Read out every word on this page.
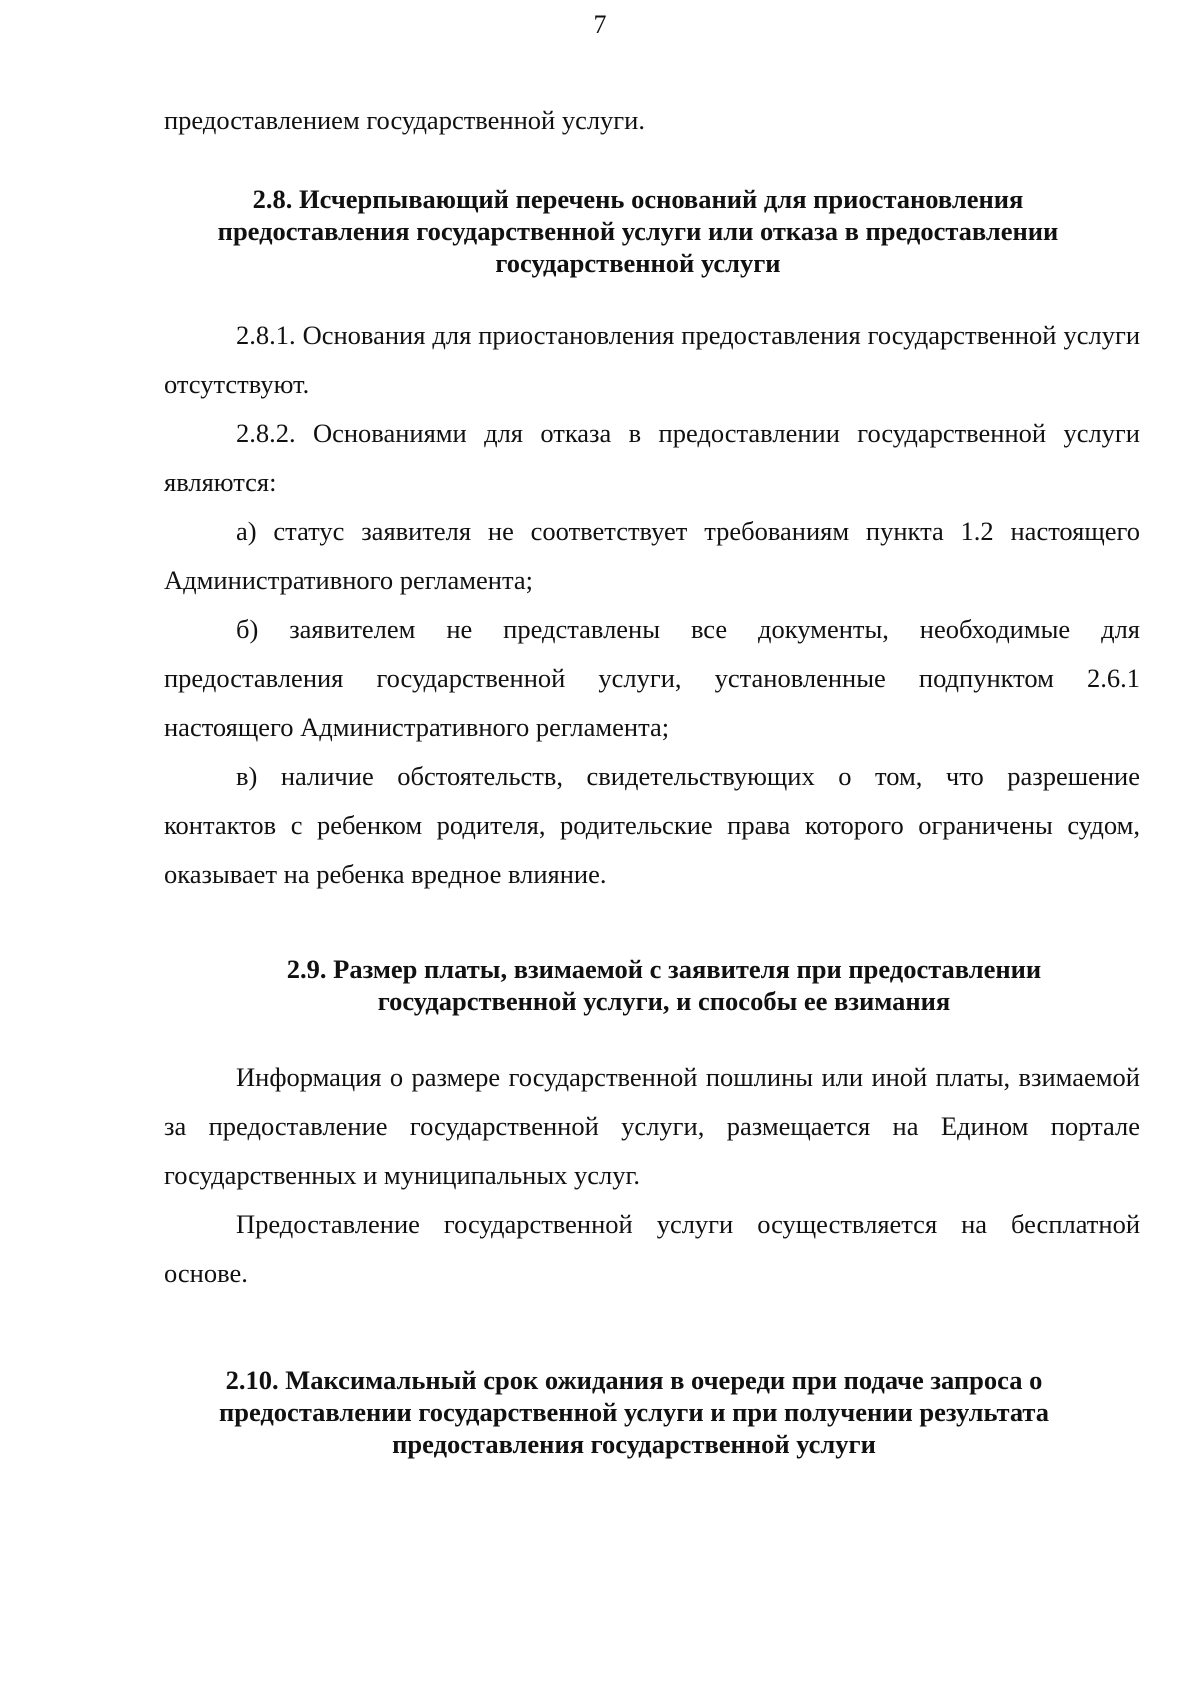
7

предоставлением государственной услуги.

2.8. Исчерпывающий перечень оснований для приостановления
предоставления государственной услуги или отказа в предоставлении
государственной услуги

2.8.1. Основания для приостановления предоставления государственной услуги отсутствуют.

2.8.2. Основаниями для отказа в предоставлении государственной услуги являются:

а) статус заявителя не соответствует требованиям пункта 1.2 настоящего Административного регламента;

б) заявителем не представлены все документы, необходимые для предоставления государственной услуги, установленные подпунктом 2.6.1 настоящего Административного регламента;

в) наличие обстоятельств, свидетельствующих о том, что разрешение контактов с ребенком родителя, родительские права которого ограничены судом, оказывает на ребенка вредное влияние.

2.9. Размер платы, взимаемой с заявителя при предоставлении
государственной услуги, и способы ее взимания

Информация о размере государственной пошлины или иной платы, взимаемой за предоставление государственной услуги, размещается на Едином портале государственных и муниципальных услуг.

Предоставление государственной услуги осуществляется на бесплатной основе.

2.10. Максимальный срок ожидания в очереди при подаче запроса о
предоставлении государственной услуги и при получении результата
предоставления государственной услуги
